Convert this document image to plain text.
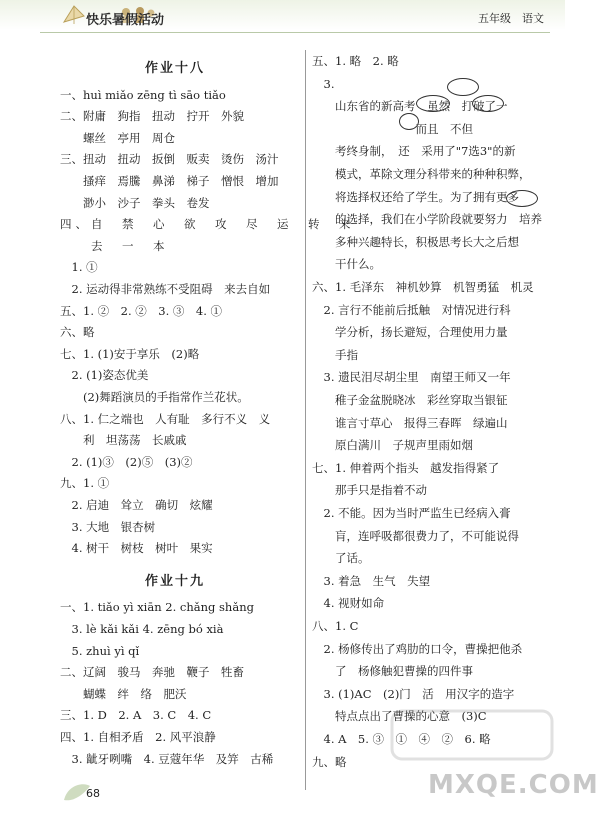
快乐暑假活动	五年级　语文
作业十八
一、huì miǎo zēng tì sāo tiǎo
二、附庸　狗指　扭动　拧开　外貌
　　螺丝　亭用　周仓
三、扭动　扭动　扳倒　贩卖　烫伤　汤汁
　　搔痒　焉騰　鼻涕　梯子　憎恨　增加
　　渺小　沙子　拳头　卷发
四、自　禁　心　欲　攻　尽　运　转　来
　　去　一　本
　1. ①
　2. 运动得非常熟练不受阻碍　来去自如
五、1. ②　2. ②　3. ③　4. ①
六、略
七、1. (1)安于享乐　(2)略
　2. (1)姿态优美
　　(2)舞蹈演员的手指常作兰花状。
八、1. 仁之端也　人有耻　多行不义　义
　　利　坦荡荡　长戚戚
　2. (1)③　(2)⑤　(3)②
九、1. ①
　2. 启迪　耸立　确切　炫耀
　3. 大地　银杏树
　4. 树干　树枝　树叶　果实
作业十九
一、1. tiǎo yì xiān 2. chǎng shǎng
　3. lè kǎi kǎi 4. zēng bó xià
　5. zhuì yì qǐ
二、辽阔　骏马　奔驰　鞭子　牲畜
　　蝴蝶　绊　络　肥沃
三、1. D　2. A　3. C　4. C
四、1. 自相矛盾　2. 风平浪静
　3. 龇牙咧嘴　4. 豆蔻年华　及笄　古稀
五、1. 略　2. 略
　3.
　　山东省的新高考　虽然　打破了一
　　　　　　　　　而且　不但
　　考终身制，　还　采用了"7选3"的新
　　模式，革除文理分科带来的种种积弊，
　　将选择权还给了学生。为了拥有更多
　　的选择，我们在小学阶段就要努力　培养
　　多种兴趣特长，积极思考长大之后想
　　干什么。
六、1. 毛泽东　神机妙算　机智勇猛　机灵
　2. 言行不能前后抵触　对情况进行科
　　学分析，扬长避短，合理使用力量
　　手指
　3. 遗民泪尽胡尘里　南望王师又一年
　　稚子金盆脱晓冰　彩丝穿取当银钲
　　谁言寸草心　报得三春晖　绿遍山
　　原白满川　子规声里雨如烟
七、1. 伸着两个指头　越发指得紧了
　　那手只是指着不动
　2. 不能。因为当时严监生已经病入膏
　　肓，连呼吸都很费力了，不可能说得
　　了话。
　3. 着急　生气　失望
　4. 视财如命
八、1. C
　2. 杨修传出了鸡肋的口令，曹操把他杀
　　了　杨修触犯曹操的四件事
　3. (1)AC　(2)门　活　用汉字的造字
　　特点点出了曹操的心意　(3)C
　4. A　5. ③　①　④　②　6. 略
九、略
68	MXQE.COM
